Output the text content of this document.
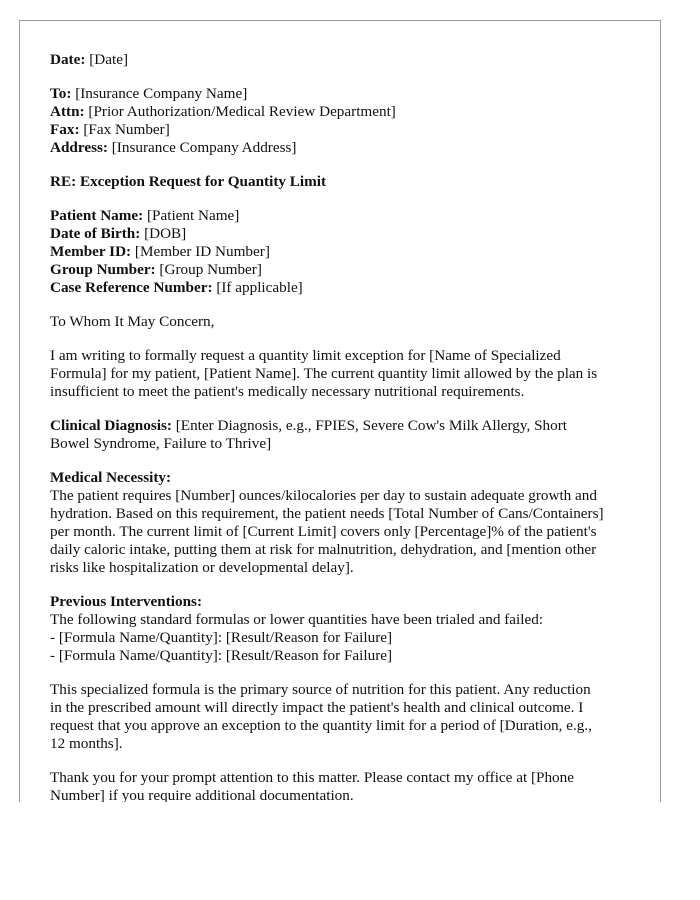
Date: [Date]
To: [Insurance Company Name]
Attn: [Prior Authorization/Medical Review Department]
Fax: [Fax Number]
Address: [Insurance Company Address]
RE: Exception Request for Quantity Limit
Patient Name: [Patient Name]
Date of Birth: [DOB]
Member ID: [Member ID Number]
Group Number: [Group Number]
Case Reference Number: [If applicable]
To Whom It May Concern,
I am writing to formally request a quantity limit exception for [Name of Specialized
Formula] for my patient, [Patient Name]. The current quantity limit allowed by the plan is
insufficient to meet the patient's medically necessary nutritional requirements.
Clinical Diagnosis: [Enter Diagnosis, e.g., FPIES, Severe Cow's Milk Allergy, Short
Bowel Syndrome, Failure to Thrive]
Medical Necessity:
The patient requires [Number] ounces/kilocalories per day to sustain adequate growth and
hydration. Based on this requirement, the patient needs [Total Number of Cans/Containers]
per month. The current limit of [Current Limit] covers only [Percentage]% of the patient's
daily caloric intake, putting them at risk for malnutrition, dehydration, and [mention other
risks like hospitalization or developmental delay].
Previous Interventions:
The following standard formulas or lower quantities have been trialed and failed:
- [Formula Name/Quantity]: [Result/Reason for Failure]
- [Formula Name/Quantity]: [Result/Reason for Failure]
This specialized formula is the primary source of nutrition for this patient. Any reduction
in the prescribed amount will directly impact the patient's health and clinical outcome. I
request that you approve an exception to the quantity limit for a period of [Duration, e.g.,
12 months].
Thank you for your prompt attention to this matter. Please contact my office at [Phone
Number] if you require additional documentation.
